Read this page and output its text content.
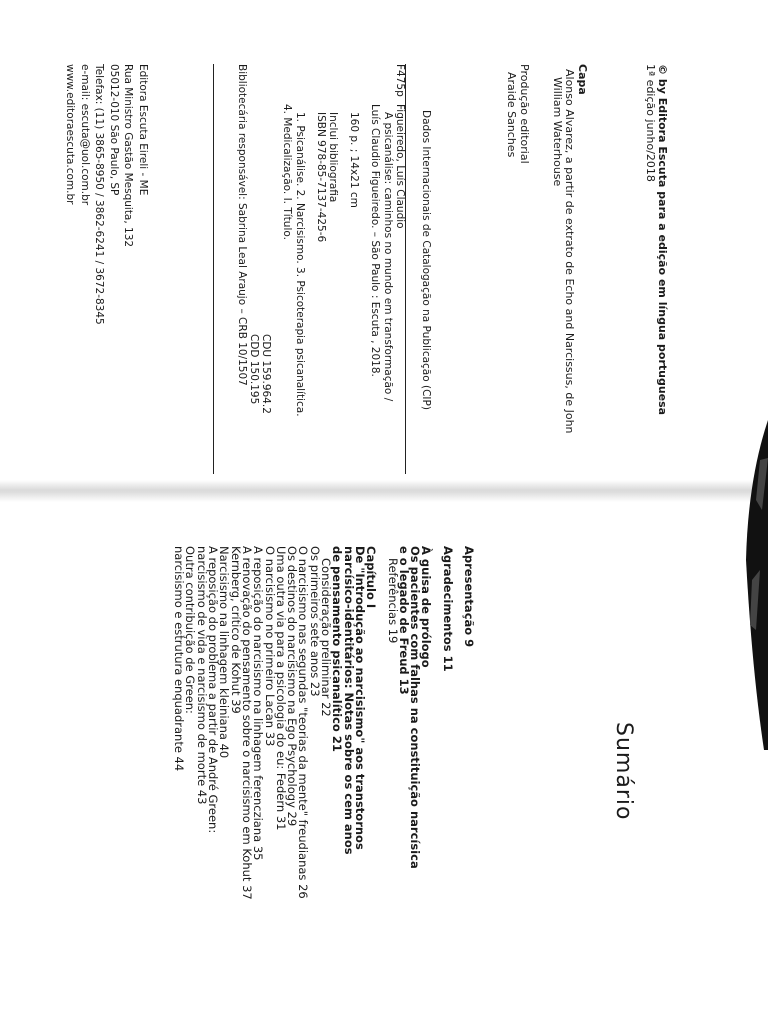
© by Editora Escuta para a edição em língua portuguesa
1ª edição junho/2018
Capa
Alonso Alvarez, a partir de extrato de Echo and Narcissus, de John
William Waterhouse
Produção editorial
Araide Sanches
Dados Internacionais de Catalogação na Publicação (CIP)
F475p
Figueiredo, Luís Claudio
A psicanálise: caminhos no mundo em transformação /
Luís Claudio Figueiredo. – São Paulo : Escuta , 2018.
160 p. ; 14x21 cm
Inclui bibliografia
ISBN 978-85-7137-425-6
1. Psicanálise. 2. Narcisismo. 3. Psicoterapia psicanalítica.
4. Medicalização. I. Título.
CDU 159.964.2
CDD 150.195
Bibliotecária responsável: Sabrina Leal Araujo – CRB 10/1507
Editora Escuta Eireli - ME
Rua Ministro Gastão Mesquita, 132
05012-010 São Paulo, SP
Telefax: (11) 3865-8950 / 3862-6241 / 3672-8345
e-mail: escuta@uol.com.br
www.editoraescuta.com.br
Sumário
Apresentação 9
Agradecimentos 11
À guisa de prólogo
Os pacientes com falhas na constituição narcísica
e o legado de Freud 13
Referências 19
Capítulo I
De "Introdução ao narcisismo" aos transtornos
narcísico-identitários: Notas sobre os cem anos
de pensamento psicanalítico 21
Consideração preliminar 22
Os primeiros sete anos 23
O narcisismo nas segundas "teorias da mente" freudianas 26
Os destinos do narcisismo na Ego Psychology 29
Uma outra via para a psicologia do eu: Federn 31
O narcisismo no primeiro Lacan 33
A reposição do narcisismo na linhagem ferencziana 35
A renovação do pensamento sobre o narcisismo em Kohut 37
Kernberg, crítico de Kohut 39
Narcisismo na linhagem kleiniana 40
A reposição do problema a partir de André Green:
narcisismo de vida e narcisismo de morte 43
Outra contribuição de Green:
narcisismo e estrutura enquadrante 44
